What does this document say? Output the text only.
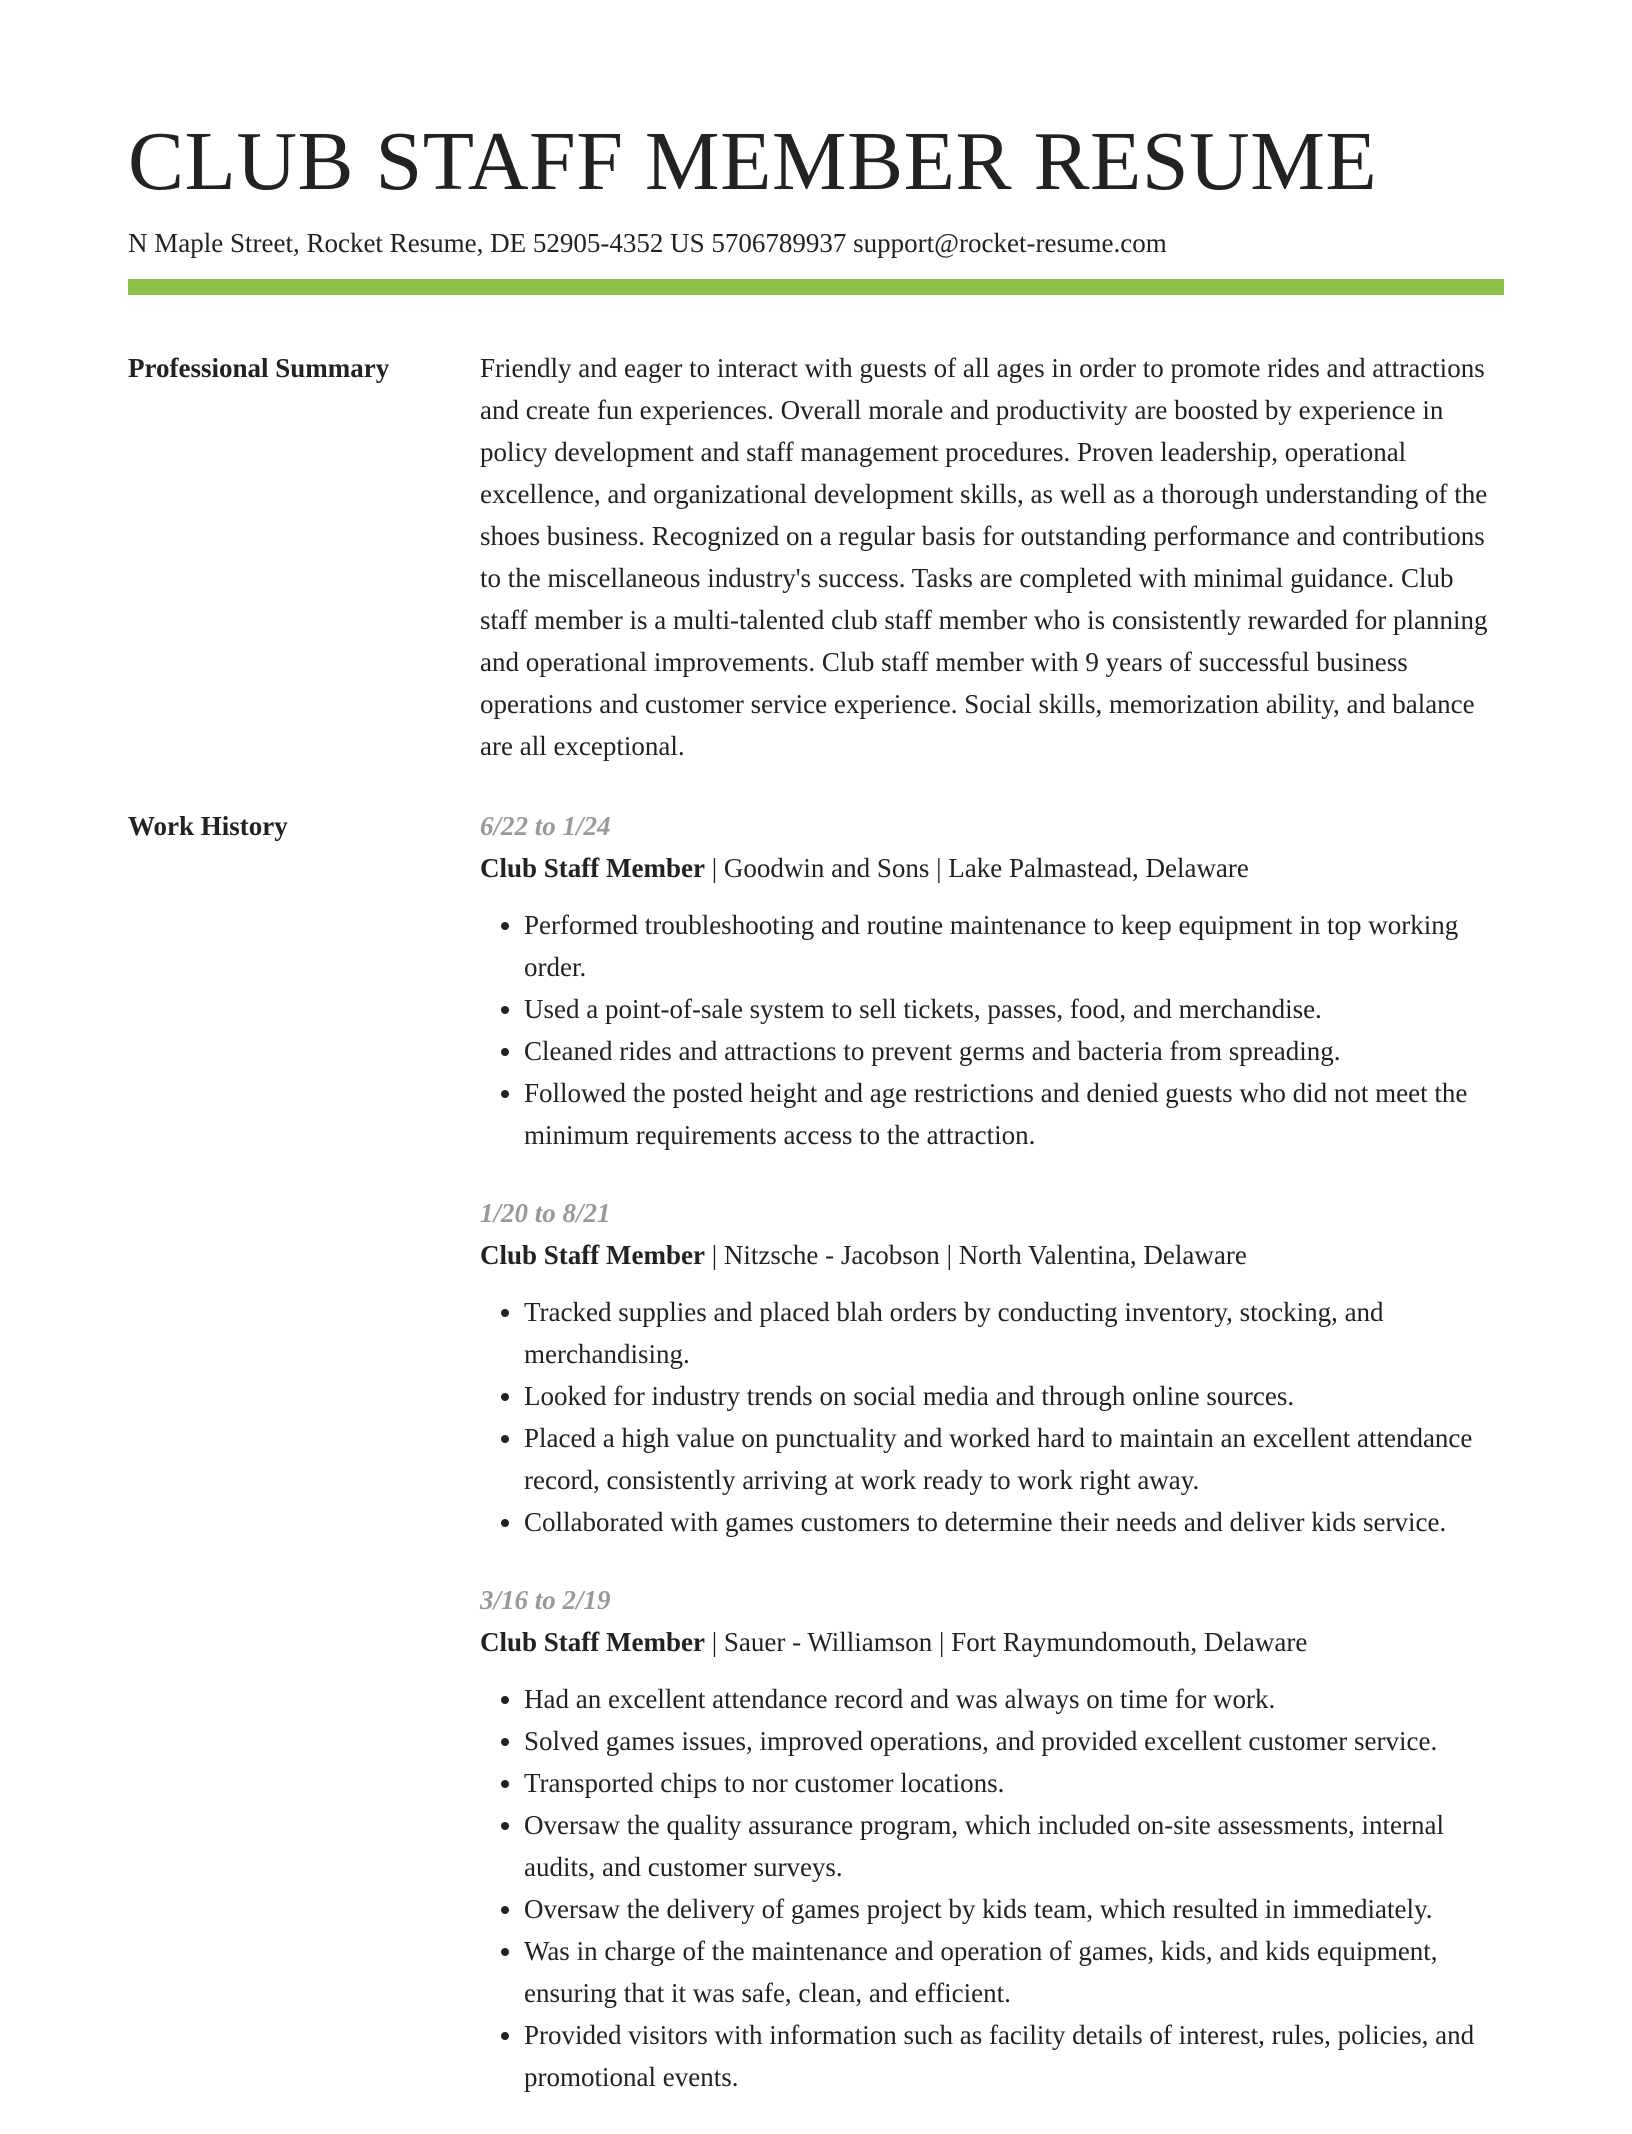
CLUB STAFF MEMBER RESUME
N Maple Street, Rocket Resume, DE 52905-4352 US 5706789937 support@rocket-resume.com
Professional Summary	Friendly and eager to interact with guests of all ages in order to promote rides and attractions and create fun experiences. Overall morale and productivity are boosted by experience in policy development and staff management procedures. Proven leadership, operational excellence, and organizational development skills, as well as a thorough understanding of the shoes business. Recognized on a regular basis for outstanding performance and contributions to the miscellaneous industry's success. Tasks are completed with minimal guidance. Club staff member is a multi-talented club staff member who is consistently rewarded for planning and operational improvements. Club staff member with 9 years of successful business operations and customer service experience. Social skills, memorization ability, and balance are all exceptional.

Work History	6/22 to 1/24
Club Staff Member | Goodwin and Sons | Lake Palmastead, Delaware
• Performed troubleshooting and routine maintenance to keep equipment in top working order.
• Used a point-of-sale system to sell tickets, passes, food, and merchandise.
• Cleaned rides and attractions to prevent germs and bacteria from spreading.
• Followed the posted height and age restrictions and denied guests who did not meet the minimum requirements access to the attraction.
1/20 to 8/21
Club Staff Member | Nitzsche - Jacobson | North Valentina, Delaware
• Tracked supplies and placed blah orders by conducting inventory, stocking, and merchandising.
• Looked for industry trends on social media and through online sources.
• Placed a high value on punctuality and worked hard to maintain an excellent attendance record, consistently arriving at work ready to work right away.
• Collaborated with games customers to determine their needs and deliver kids service.
3/16 to 2/19
Club Staff Member | Sauer - Williamson | Fort Raymundomouth, Delaware
• Had an excellent attendance record and was always on time for work.
• Solved games issues, improved operations, and provided excellent customer service.
• Transported chips to nor customer locations.
• Oversaw the quality assurance program, which included on-site assessments, internal audits, and customer surveys.
• Oversaw the delivery of games project by kids team, which resulted in immediately.
• Was in charge of the maintenance and operation of games, kids, and kids equipment, ensuring that it was safe, clean, and efficient.
• Provided visitors with information such as facility details of interest, rules, policies, and promotional events.
